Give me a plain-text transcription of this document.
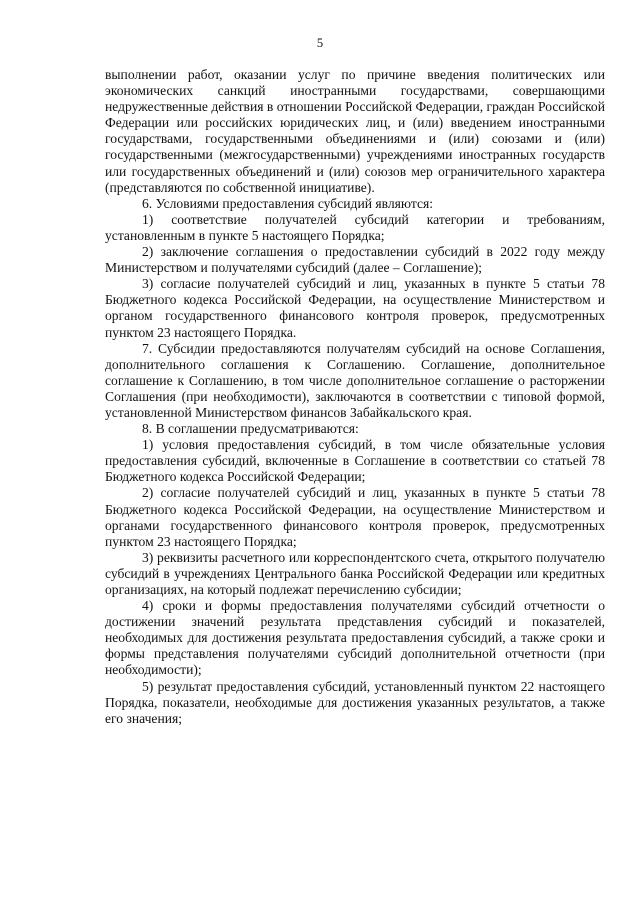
5

выполнении работ, оказании услуг по причине введения политических или экономических санкций иностранными государствами, совершающими недружественные действия в отношении Российской Федерации, граждан Российской Федерации или российских юридических лиц, и (или) введением иностранными государствами, государственными объединениями и (или) союзами и (или) государственными (межгосударственными) учреждениями иностранных государств или государственных объединений и (или) союзов мер ограничительного характера (представляются по собственной инициативе).

6. Условиями предоставления субсидий являются:

1) соответствие получателей субсидий категории и требованиям, установленным в пункте 5 настоящего Порядка;

2) заключение соглашения о предоставлении субсидий в 2022 году между Министерством и получателями субсидий (далее – Соглашение);

3) согласие получателей субсидий и лиц, указанных в пункте 5 статьи 78 Бюджетного кодекса Российской Федерации, на осуществление Министерством и органом государственного финансового контроля проверок, предусмотренных пунктом 23 настоящего Порядка.

7. Субсидии предоставляются получателям субсидий на основе Соглашения, дополнительного соглашения к Соглашению. Соглашение, дополнительное соглашение к Соглашению, в том числе дополнительное соглашение о расторжении Соглашения (при необходимости), заключаются в соответствии с типовой формой, установленной Министерством финансов Забайкальского края.

8. В соглашении предусматриваются:

1) условия предоставления субсидий, в том числе обязательные условия предоставления субсидий, включенные в Соглашение в соответствии со статьей 78 Бюджетного кодекса Российской Федерации;

2) согласие получателей субсидий и лиц, указанных в пункте 5 статьи 78 Бюджетного кодекса Российской Федерации, на осуществление Министерством и органами государственного финансового контроля проверок, предусмотренных пунктом 23 настоящего Порядка;

3) реквизиты расчетного или корреспондентского счета, открытого получателю субсидий в учреждениях Центрального банка Российской Федерации или кредитных организациях, на который подлежат перечислению субсидии;

4) сроки и формы предоставления получателями субсидий отчетности о достижении значений результата представления субсидий и показателей, необходимых для достижения результата предоставления субсидий, а также сроки и формы представления получателями субсидий дополнительной отчетности (при необходимости);

5) результат предоставления субсидий, установленный пунктом 22 настоящего Порядка, показатели, необходимые для достижения указанных результатов, а также его значения;
